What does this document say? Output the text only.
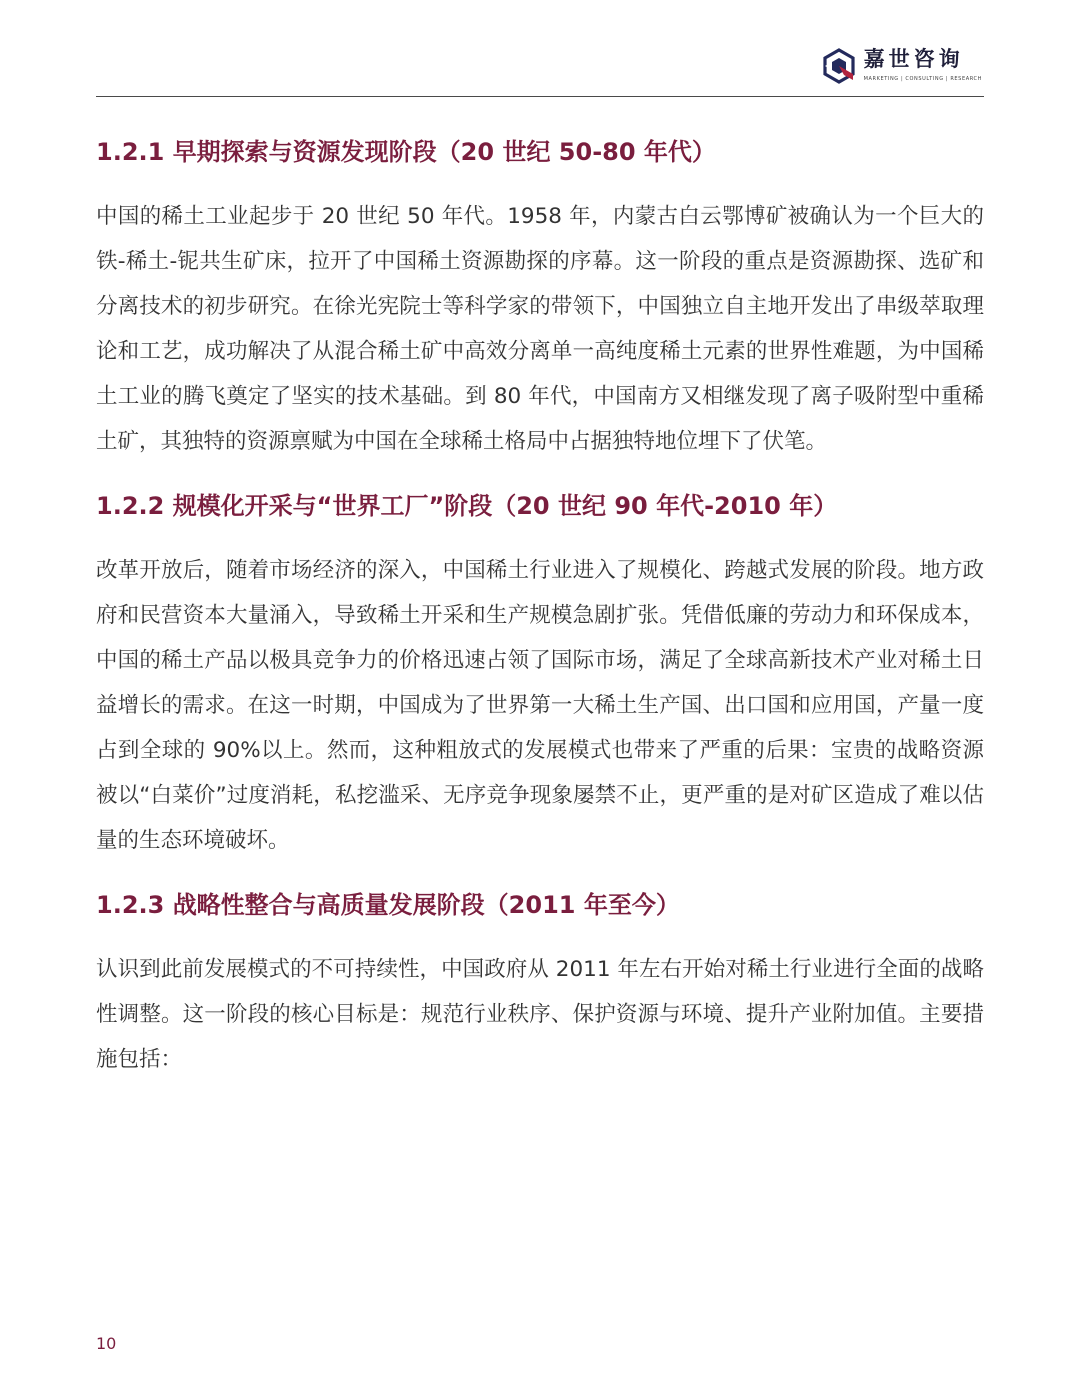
嘉世咨询
MARKETING | CONSULTING | RESEARCH
1.2.1 早期探索与资源发现阶段（20 世纪 50-80 年代）

中国的稀土工业起步于 20 世纪 50 年代。1958 年，内蒙古白云鄂博矿被确认为一个巨大的铁-稀土-铌共生矿床，拉开了中国稀土资源勘探的序幕。这一阶段的重点是资源勘探、选矿和分离技术的初步研究。在徐光宪院士等科学家的带领下，中国独立自主地开发出了串级萃取理论和工艺，成功解决了从混合稀土矿中高效分离单一高纯度稀土元素的世界性难题，为中国稀土工业的腾飞奠定了坚实的技术基础。到 80 年代，中国南方又相继发现了离子吸附型中重稀土矿，其独特的资源禀赋为中国在全球稀土格局中占据独特地位埋下了伏笔。

1.2.2 规模化开采与“世界工厂”阶段（20 世纪 90 年代-2010 年）

改革开放后，随着市场经济的深入，中国稀土行业进入了规模化、跨越式发展的阶段。地方政府和民营资本大量涌入，导致稀土开采和生产规模急剧扩张。凭借低廉的劳动力和环保成本，中国的稀土产品以极具竞争力的价格迅速占领了国际市场，满足了全球高新技术产业对稀土日益增长的需求。在这一时期，中国成为了世界第一大稀土生产国、出口国和应用国，产量一度占到全球的 90%以上。然而，这种粗放式的发展模式也带来了严重的后果：宝贵的战略资源被以“白菜价”过度消耗，私挖滥采、无序竞争现象屡禁不止，更严重的是对矿区造成了难以估量的生态环境破坏。

1.2.3 战略性整合与高质量发展阶段（2011 年至今）

认识到此前发展模式的不可持续性，中国政府从 2011 年左右开始对稀土行业进行全面的战略性调整。这一阶段的核心目标是：规范行业秩序、保护资源与环境、提升产业附加值。主要措施包括：

10
